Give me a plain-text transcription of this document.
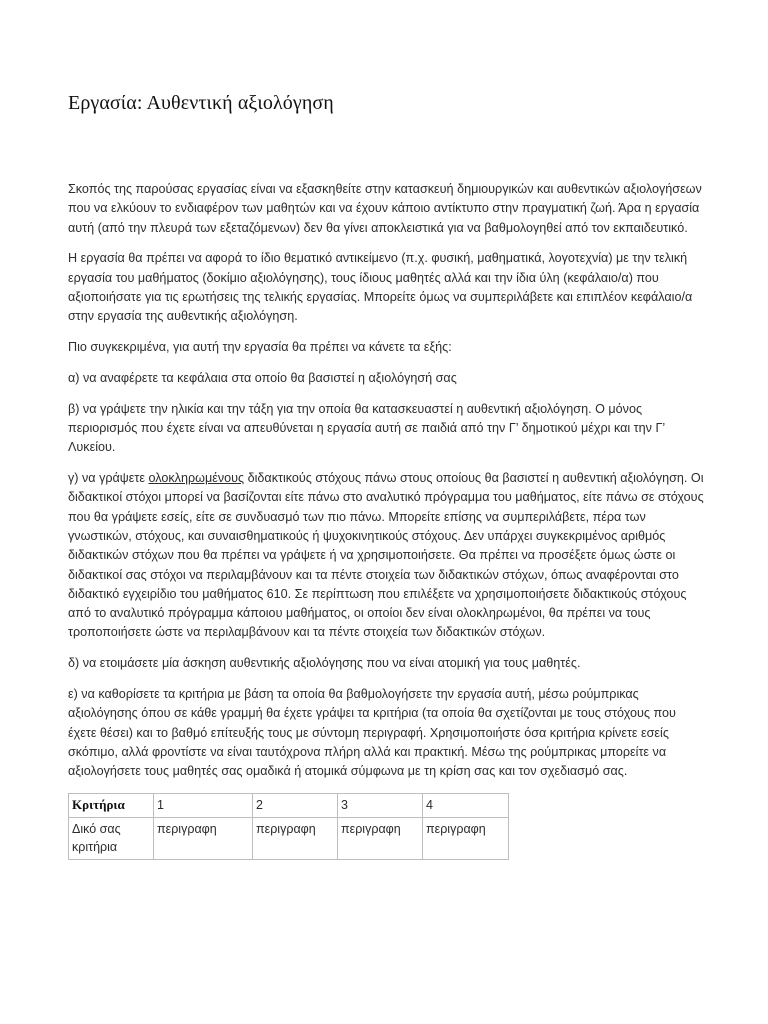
Εργασία: Αυθεντική αξιολόγηση

Σκοπός της παρούσας εργασίας είναι να εξασκηθείτε στην κατασκευή δημιουργικών και αυθεντικών αξιολογήσεων που να ελκύουν το ενδιαφέρον των μαθητών και να έχουν κάποιο αντίκτυπο στην πραγματική ζωή. Άρα η εργασία αυτή (από την πλευρά των εξεταζόμενων) δεν θα γίνει αποκλειστικά για να βαθμολογηθεί από τον εκπαιδευτικό.

Η εργασία θα πρέπει να αφορά το ίδιο θεματικό αντικείμενο (π.χ. φυσική, μαθηματικά, λογοτεχνία) με την τελική εργασία του μαθήματος (δοκίμιο αξιολόγησης), τους ίδιους μαθητές αλλά και την ίδια ύλη (κεφάλαιο/α) που αξιοποιήσατε για τις ερωτήσεις της τελικής εργασίας. Μπορείτε όμως να συμπεριλάβετε και επιπλέον κεφάλαιο/α στην εργασία της αυθεντικής αξιολόγηση.

Πιο συγκεκριμένα, για αυτή την εργασία θα πρέπει να κάνετε τα εξής:

α) να αναφέρετε τα κεφάλαια στα οποίο θα βασιστεί η αξιολόγησή σας

β) να γράψετε την ηλικία και την τάξη για την οποία θα κατασκευαστεί η αυθεντική αξιολόγηση. Ο μόνος περιορισμός που έχετε είναι να απευθύνεται η εργασία αυτή σε παιδιά από την Γ’ δημοτικού μέχρι και την Γ’ Λυκείου.

γ) να γράψετε ολοκληρωμένους διδακτικούς στόχους πάνω στους οποίους θα βασιστεί η αυθεντική αξιολόγηση. Οι διδακτικοί στόχοι μπορεί να βασίζονται είτε πάνω στο αναλυτικό πρόγραμμα του μαθήματος, είτε πάνω σε στόχους που θα γράψετε εσείς, είτε σε συνδυασμό των πιο πάνω. Μπορείτε επίσης να συμπεριλάβετε, πέρα των γνωστικών, στόχους, και συναισθηματικούς ή ψυχοκινητικούς στόχους. Δεν υπάρχει συγκεκριμένος αριθμός διδακτικών στόχων που θα πρέπει να γράψετε ή να χρησιμοποιήσετε. Θα πρέπει να προσέξετε όμως ώστε οι διδακτικοί σας στόχοι να περιλαμβάνουν και τα πέντε στοιχεία των διδακτικών στόχων, όπως αναφέρονται στο διδακτικό εγχειρίδιο του μαθήματος 610. Σε περίπτωση που επιλέξετε να χρησιμοποιήσετε διδακτικούς στόχους από το αναλυτικό πρόγραμμα κάποιου μαθήματος, οι οποίοι δεν είναι ολοκληρωμένοι, θα πρέπει να τους τροποποιήσετε ώστε να περιλαμβάνουν και τα πέντε στοιχεία των διδακτικών στόχων.

δ) να ετοιμάσετε μία άσκηση αυθεντικής αξιολόγησης που να είναι ατομική για τους μαθητές.

ε) να καθορίσετε τα κριτήρια με βάση τα οποία θα βαθμολογήσετε την εργασία αυτή, μέσω ρούμπρικας αξιολόγησης όπου σε κάθε γραμμή θα έχετε γράψει τα κριτήρια (τα οποία θα σχετίζονται με τους στόχους που έχετε θέσει) και το βαθμό επίτευξής τους με σύντομη περιγραφή. Χρησιμοποιήστε όσα κριτήρια κρίνετε εσείς σκόπιμο, αλλά φροντίστε να είναι ταυτόχρονα πλήρη αλλά και πρακτική. Μέσω της ρούμπρικας μπορείτε να αξιολογήσετε τους μαθητές σας ομαδικά ή ατομικά σύμφωνα με τη κρίση σας και τον σχεδιασμό σας.

Κριτήρια	1	2	3	4
Δικό σας κριτήρια	περιγραφη	περιγραφη	περιγραφη	περιγραφη
